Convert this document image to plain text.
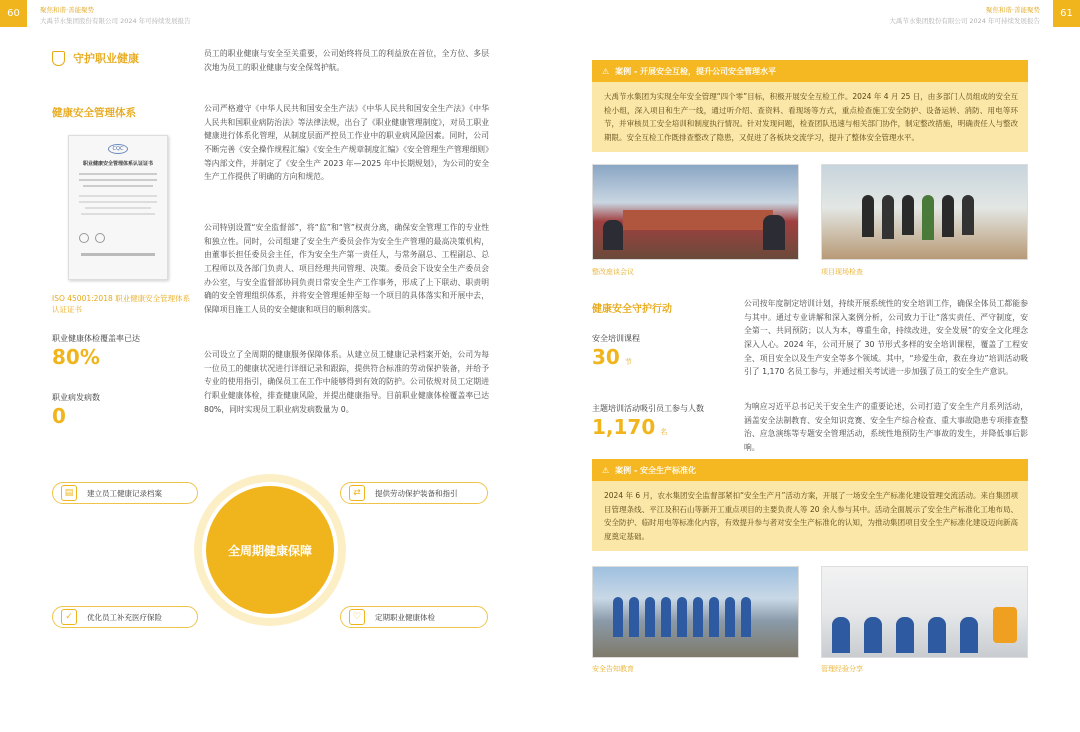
60	聚焦和谐·善能聚势
大禹节水集团股份有限公司 2024 年可持续发展报告
61
聚焦和谐·善能聚势
大禹节水集团股份有限公司 2024 年可持续发展报告
守护职业健康	员工的职业健康与安全至关重要，公司始终将员工的利益放在首位，全方位、多层次地为员工的职业健康与安全保驾护航。
健康安全管理体系
CQC
职业健康安全管理体系认证证书
ISO 45001:2018 职业健康安全管理体系认证证书
职业健康体检覆盖率已达
80%
职业病发病数
0
公司严格遵守《中华人民共和国安全生产法》《中华人民共和国安全生产法》《中华人民共和国职业病防治法》等法律法规，出台了《职业健康管理制度》，对员工职业健康进行体系化管理，从制度层面严控员工作业中的职业病风险因素。同时，公司不断完善《安全操作规程汇编》《安全生产规章制度汇编》《安全管理生产管理细则》等内部文件，并制定了《安全生产 2023 年—2025 年中长期规划》，为公司的安全生产工作提供了明确的方向和规范。
公司特别设置“安全监督部”，将“监”和“管”权责分离，确保安全管理工作的专业性和独立性。同时，公司组建了安全生产委员会作为安全生产管理的最高决策机构，由董事长担任委员会主任，作为安全生产第一责任人，与常务副总、工程副总、总工程师以及各部门负责人、项目经理共同管理、决策。委员会下设安全生产委员会办公室，与安全监督部协同负责日常安全生产工作事务，形成了上下联动、职责明确的安全管理组织体系，并将安全管理延伸至每一个项目的具体落实和开展中去，保障项目施工人员的安全健康和项目的顺利落实。
公司设立了全周期的健康服务保障体系。从建立员工健康记录档案开始，公司为每一位员工的健康状况进行详细记录和跟踪，提供符合标准的劳动保护装备，并给予专业的使用指引，确保员工在工作中能够得到有效的防护。公司依规对员工定期进行职业健康体检，排查健康风险，并提出健康指导。目前职业健康体检覆盖率已达 80%，同时实现员工职业病发病数量为 0。
全周期健康保障
▤	建立员工健康记录档案	⇄	提供劳动保护装备和指引
✓	优化员工补充医疗保险	♡	定期职业健康体检
⚠ 案例 - 开展安全互检，提升公司安全管理水平
大禹节水集团为实现全年安全管理“四个零”目标，积极开展安全互检工作。2024 年 4 月 25 日，由多部门人员组成的安全互检小组，深入项目和生产一线，通过听介绍、查资料、看现场等方式，重点检查施工安全防护、设备运转、消防、用电等环节，并审核员工安全培训和制度执行情况。针对发现问题，检查团队迅速与相关部门协作，制定整改措施，明确责任人与整改期限。安全互检工作既排查整改了隐患，又促进了各板块交流学习，提升了整体安全管理水平。
整改座谈会议	项目现场检查
健康安全守护行动
安全培训课程
30 节
主题培训活动吸引员工参与人数
1,170 名
公司按年度制定培训计划，持续开展系统性的安全培训工作，确保全体员工都能参与其中。通过专业讲解和深入案例分析，公司致力于让“落实责任、严守制度，安全第一、共同预防；以人为本，尊重生命，持续改进，安全发展”的安全文化理念深入人心。2024 年，公司开展了 30 节形式多样的安全培训课程，覆盖了工程安全、项目安全以及生产安全等多个领域。其中，“珍爱生命，救在身边”培训活动吸引了 1,170 名员工参与，并通过相关考试进一步加强了员工的安全生产意识。
为响应习近平总书记关于安全生产的重要论述，公司打造了安全生产月系列活动，涵盖安全法制教育、安全知识竞赛、安全生产综合检查、重大事故隐患专项排查整治、应急演练等专题安全管理活动，系统性地预防生产事故的发生，并降低事后影响。
⚠ 案例 - 安全生产标准化
2024 年 6 月，农水集团安全监督部紧扣“安全生产月”活动方案，开展了一场安全生产标准化建设管理交流活动。来自集团项目管理条线、平江及积石山等新开工重点项目的主要负责人等 20 余人参与其中。活动全面展示了安全生产标准化工地布局、安全防护、临时用电等标准化内容，有效提升参与者对安全生产标准化的认知，为推动集团项目安全生产标准化建设迈向新高度奠定基础。
安全告知教育	管理经验分享
